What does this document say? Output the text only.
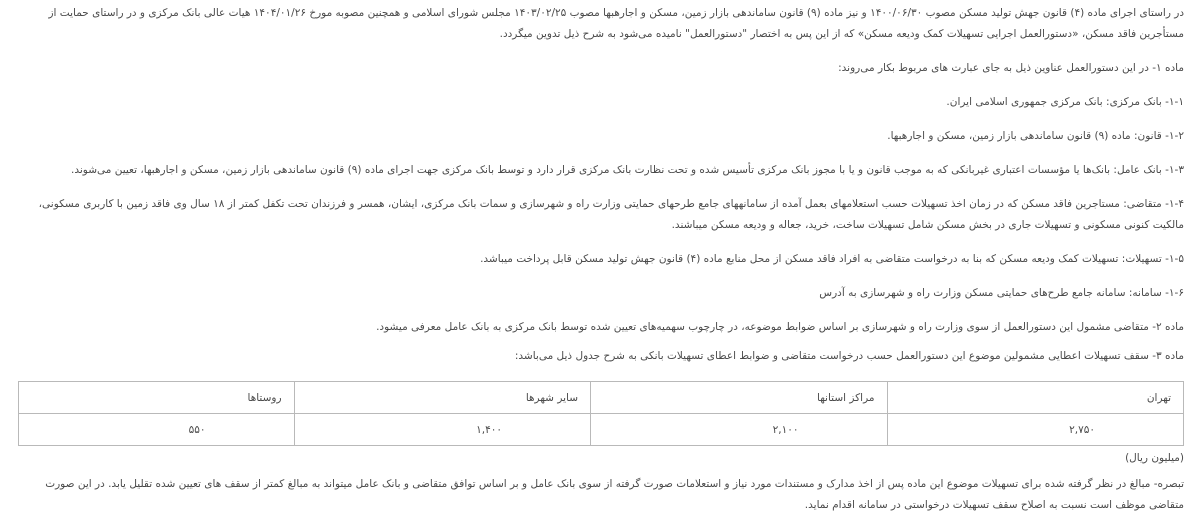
در راستای اجرای ماده (۴) قانون جهش تولید مسکن مصوب ۱۴۰۰/۰۶/۳۰ و نیز ماده (۹) قانون ساماندهی بازار زمین، مسکن و اجارهبها مصوب ۱۴۰۳/۰۲/۲۵ مجلس شورای اسلامی و همچنین مصوبه مورخ ۱۴۰۴/۰۱/۲۶ هیات عالی بانک مرکزی و در راستای حمایت از مستأجرین فاقد مسکن، «دستورالعمل اجرایی تسهیلات کمک ودیعه مسکن» که از این پس به اختصار "دستورالعمل" نامیده می‌شود به شرح ذیل تدوین میگردد.

ماده ۱- در این دستورالعمل عناوین ذیل به جای عبارت های مربوط بکار می‌روند:

۱-۱- بانک مرکزی: بانک مرکزی جمهوری اسلامی ایران.

۱-۲- قانون: ماده (۹) قانون ساماندهی بازار زمین، مسکن و اجارهبها.

۱-۳- بانک عامل: بانک‌ها یا مؤسسات اعتباری غیربانکی که به موجب قانون و یا با مجوز بانک مرکزی تأسیس شده و تحت نظارت بانک مرکزی قرار دارد و توسط بانک مرکزی جهت اجرای ماده (۹) قانون ساماندهی بازار زمین، مسکن و اجارهبها، تعیین می‌شوند.

۱-۴- متقاضی: مستاجرین فاقد مسکن که در زمان اخذ تسهیلات حسب استعلامهای بعمل آمده از سامانههای جامع طرحهای حمایتی وزارت راه و شهرسازی و سمات بانک مرکزی، ایشان، همسر و فرزندان تحت تکفل کمتر از ۱۸ سال وی فاقد زمین با کاربری مسکونی، مالکیت کنونی مسکونی و تسهیلات جاری در بخش مسکن شامل تسهیلات ساخت، خرید، جعاله و ودیعه مسکن میباشند.

۱-۵- تسهیلات: تسهیلات کمک ودیعه مسکن که بنا به درخواست متقاضی به افراد فاقد مسکن از محل منابع ماده (۴) قانون جهش تولید مسکن قابل پرداخت میباشد.

۱-۶- سامانه: سامانه جامع طرح‌های حمایتی مسکن وزارت راه و شهرسازی به آدرس

ماده ۲- متقاضی مشمول این دستورالعمل از سوی وزارت راه و شهرسازی بر اساس ضوابط موضوعه، در چارچوب سهمیه‌های تعیین شده توسط بانک مرکزی به بانک عامل معرفی میشود.

ماده ۳- سقف تسهیلات اعطایی مشمولین موضوع این دستورالعمل حسب درخواست متقاضی و ضوابط اعطای تسهیلات بانکی به شرح جدول ذیل می‌باشد:

تهران	مراکز استانها	سایر شهرها	روستاها
۲,۷۵۰	۲,۱۰۰	۱,۴۰۰	۵۵۰

(میلیون ریال)

تبصره- مبالغ در نظر گرفته شده برای تسهیلات موضوع این ماده پس از اخذ مدارک و مستندات مورد نیاز و استعلامات صورت گرفته از سوی بانک عامل و بر اساس توافق متقاضی و بانک عامل میتواند به مبالغ کمتر از سقف های تعیین شده تقلیل یابد. در این صورت متقاضی موظف است نسبت به اصلاح سقف تسهیلات درخواستی در سامانه اقدام نماید.
